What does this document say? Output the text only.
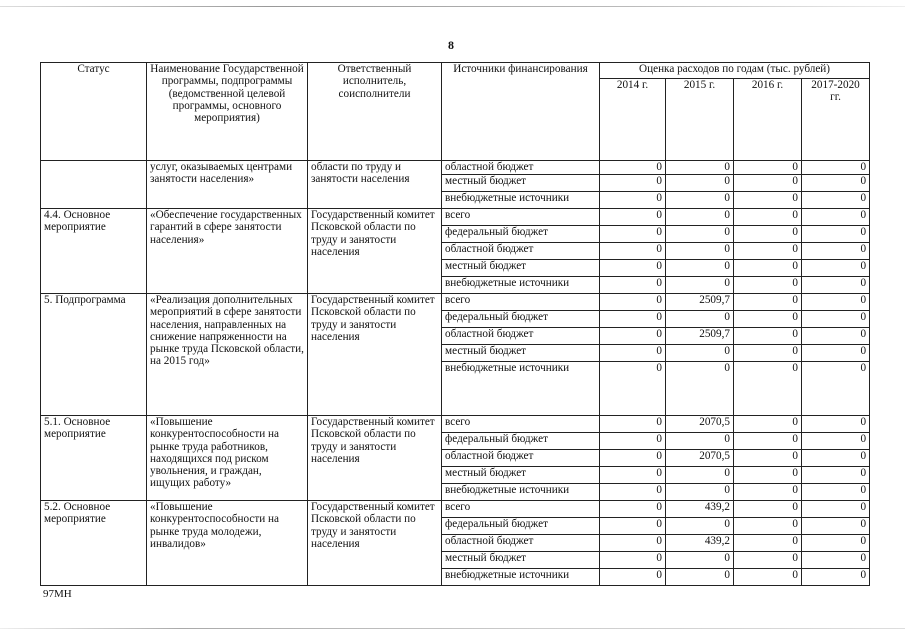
8
Статус	Наименование Государственной программы, подпрограммы (ведомственной целевой программы, основного мероприятия)	Ответственный исполнитель, соисполнители	Источники финансирования	Оценка расходов по годам (тыс. рублей)			
				2014 г.	2015 г.	2016 г.	2017-2020 гг.
	услуг, оказываемых центрами занятости населения»	области по труду и занятости населения	областной бюджет	0	0	0	0
			местный бюджет	0	0	0	0
			внебюджетные источники	0	0	0	0
4.4. Основное мероприятие	«Обеспечение государственных гарантий в сфере занятости населения»	Государственный комитет Псковской области по труду и занятости населения	всего	0	0	0	0
			федеральный бюджет	0	0	0	0
			областной бюджет	0	0	0	0
			местный бюджет	0	0	0	0
			внебюджетные источники	0	0	0	0
5. Подпрограмма	«Реализация дополнительных мероприятий в сфере занятости населения, направленных на снижение напряженности на рынке труда Псковской области, на 2015 год»	Государственный комитет Псковской области по труду и занятости населения	всего	0	2509,7	0	0
			федеральный бюджет	0	0	0	0
			областной бюджет	0	2509,7	0	0
			местный бюджет	0	0	0	0
			внебюджетные источники	0	0	0	0
5.1. Основное мероприятие	«Повышение конкурентоспособности на рынке труда работников, находящихся под риском увольнения, и граждан, ищущих работу»	Государственный комитет Псковской области по труду и занятости населения	всего	0	2070,5	0	0
			федеральный бюджет	0	0	0	0
			областной бюджет	0	2070,5	0	0
			местный бюджет	0	0	0	0
			внебюджетные источники	0	0	0	0
5.2. Основное мероприятие	«Повышение конкурентоспособности на рынке труда молодежи, инвалидов»	Государственный комитет Псковской области по труду и занятости населения	всего	0	439,2	0	0
			федеральный бюджет	0	0	0	0
			областной бюджет	0	439,2	0	0
			местный бюджет	0	0	0	0
			внебюджетные источники	0	0	0	0
97MH
